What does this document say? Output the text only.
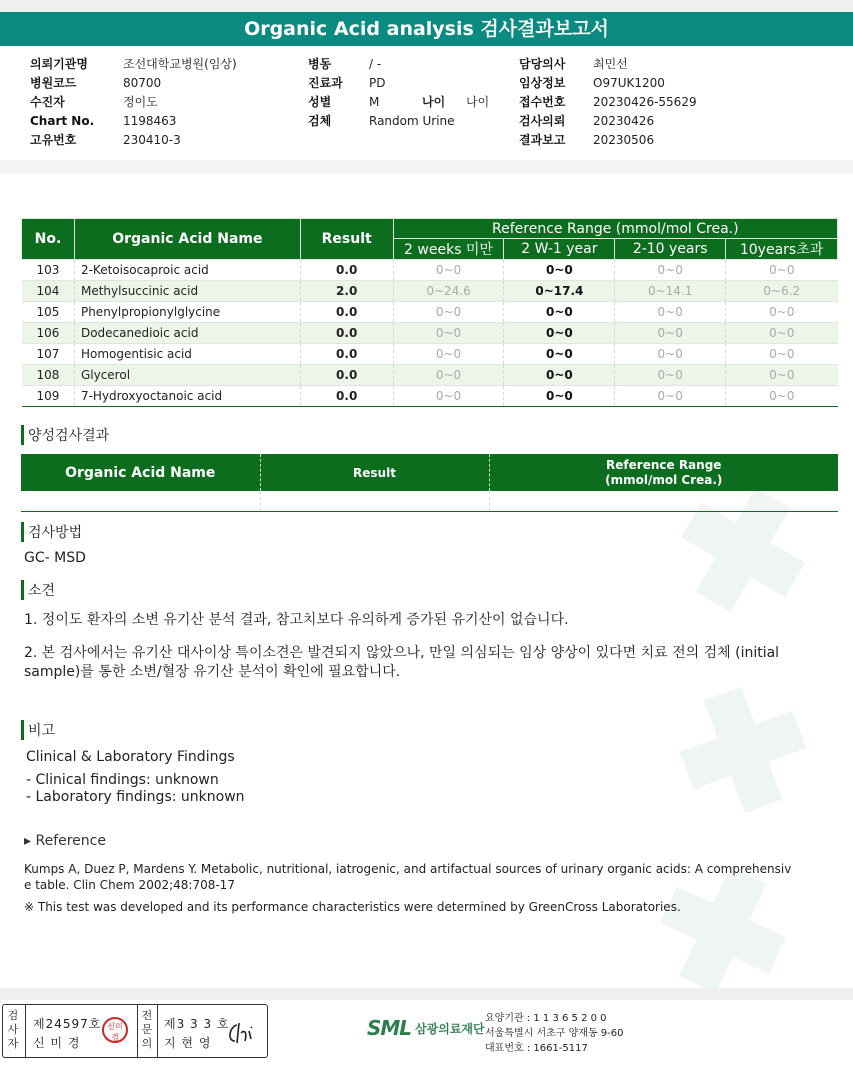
Organic Acid analysis 검사결과보고서
의뢰기관명	조선대학교병원(임상)
병원코드	80700
수진자	정이도
Chart No.	1198463
고유번호	230410-3
병동	/ -
진료과	PD
성별	M
검체	Random Urine
나이 나이
담당의사	최민선
임상정보	O97UK1200
접수번호	20230426-55629
검사의뢰	20230426
결과보고	20230506
No.	Organic Acid Name	Result	Reference Range (mmol/mol Crea.)			
			2 weeks 미만	2 W-1 year	2-10 years	10years초과
103	2-Ketoisocaproic acid	0.0	0~0	0~0	0~0	0~0
104	Methylsuccinic acid	2.0	0~24.6	0~17.4	0~14.1	0~6.2
105	Phenylpropionylglycine	0.0	0~0	0~0	0~0	0~0
106	Dodecanedioic acid	0.0	0~0	0~0	0~0	0~0
107	Homogentisic acid	0.0	0~0	0~0	0~0	0~0
108	Glycerol	0.0	0~0	0~0	0~0	0~0
109	7-Hydroxyoctanoic acid	0.0	0~0	0~0	0~0	0~0
양성검사결과
Organic Acid Name	Result	Reference Range
(mmol/mol Crea.)

검사방법
GC- MSD
소견
1. 정이도 환자의 소변 유기산 분석 결과, 참고치보다 유의하게 증가된 유기산이 없습니다.
2. 본 검사에서는 유기산 대사이상 특이소견은 발견되지 않았으나, 만일 의심되는 임상 양상이 있다면 치료 전의 검체 (initial sample)를 통한 소변/혈장 유기산 분석이 확인에 필요합니다.
비고
Clinical & Laboratory Findings
- Clinical findings: unknown
- Laboratory findings: unknown
▸ Reference
Kumps A, Duez P, Mardens Y. Metabolic, nutritional, iatrogenic, and artifactual sources of urinary organic acids: A comprehensiv
e table. Clin Chem 2002;48:708-17
※ This test was developed and its performance characteristics were determined by GreenCross Laboratories.
검
사
자
제24597호
신 미 경
신미경
전
문
의
제3 3 3 호
지 현 영
SML 삼광의료재단
요양기관 : 1 1 3 6 5 2 0 0
서울특별시 서초구 양재동 9-60
대표번호 : 1661-5117
